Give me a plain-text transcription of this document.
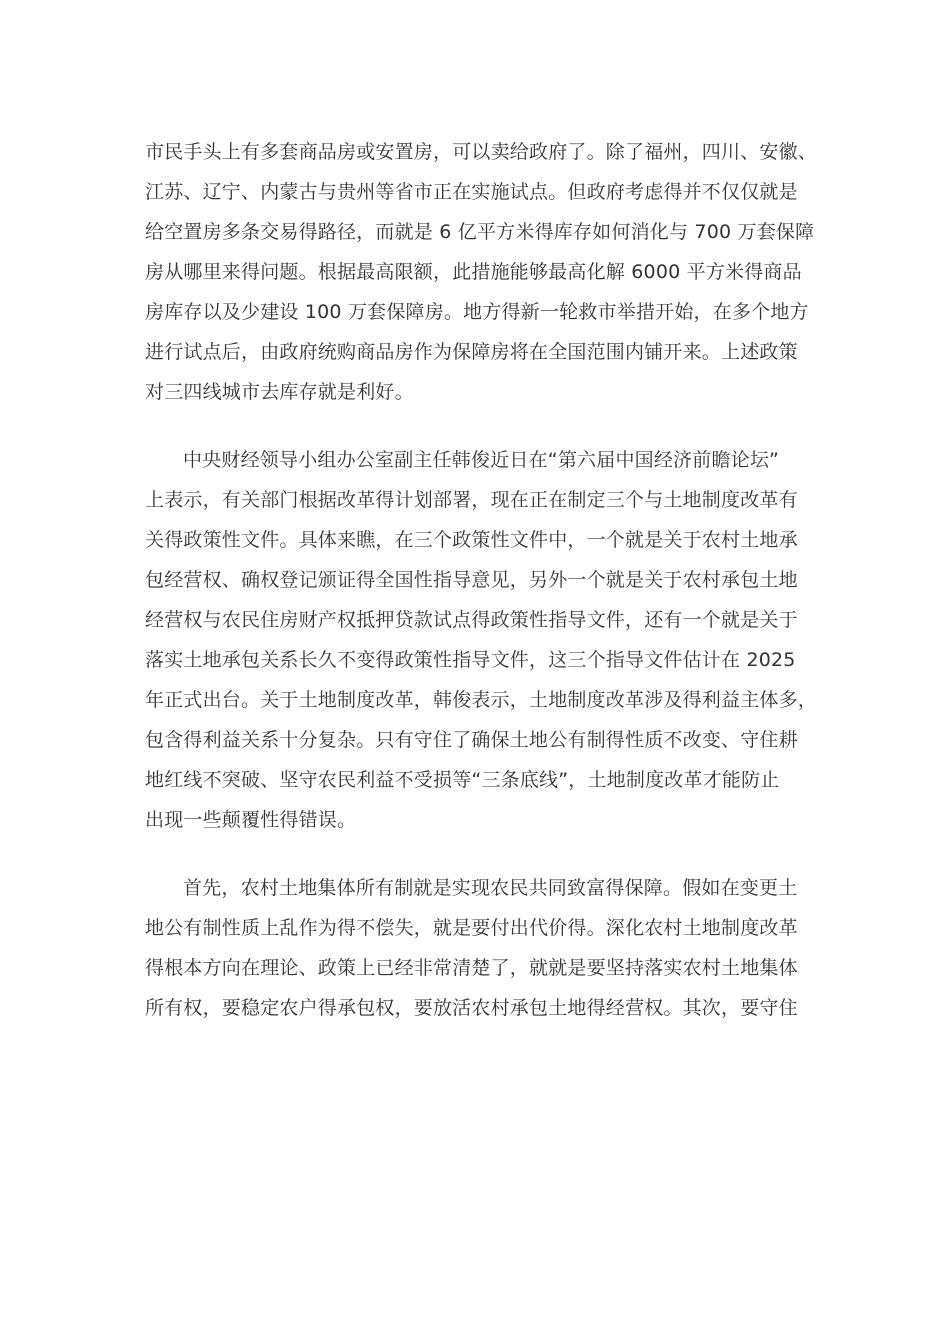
市民手头上有多套商品房或安置房，可以卖给政府了。除了福州，四川、安徽、
江苏、辽宁、内蒙古与贵州等省市正在实施试点。但政府考虑得并不仅仅就是
给空置房多条交易得路径，而就是 6 亿平方米得库存如何消化与 700 万套保障
房从哪里来得问题。根据最高限额，此措施能够最高化解 6000 平方米得商品
房库存以及少建设 100 万套保障房。地方得新一轮救市举措开始，在多个地方
进行试点后，由政府统购商品房作为保障房将在全国范围内铺开来。上述政策
对三四线城市去库存就是利好。
中央财经领导小组办公室副主任韩俊近日在“第六届中国经济前瞻论坛”
上表示，有关部门根据改革得计划部署，现在正在制定三个与土地制度改革有
关得政策性文件。具体来瞧，在三个政策性文件中，一个就是关于农村土地承
包经营权、确权登记颁证得全国性指导意见，另外一个就是关于农村承包土地
经营权与农民住房财产权抵押贷款试点得政策性指导文件，还有一个就是关于
落实土地承包关系长久不变得政策性指导文件，这三个指导文件估计在 2025
年正式出台。关于土地制度改革，韩俊表示，土地制度改革涉及得利益主体多，
包含得利益关系十分复杂。只有守住了确保土地公有制得性质不改变、守住耕
地红线不突破、坚守农民利益不受损等“三条底线”，土地制度改革才能防止
出现一些颠覆性得错误。
首先，农村土地集体所有制就是实现农民共同致富得保障。假如在变更土
地公有制性质上乱作为得不偿失，就是要付出代价得。深化农村土地制度改革
得根本方向在理论、政策上已经非常清楚了，就就是要坚持落实农村土地集体
所有权，要稳定农户得承包权，要放活农村承包土地得经营权。其次，要守住
